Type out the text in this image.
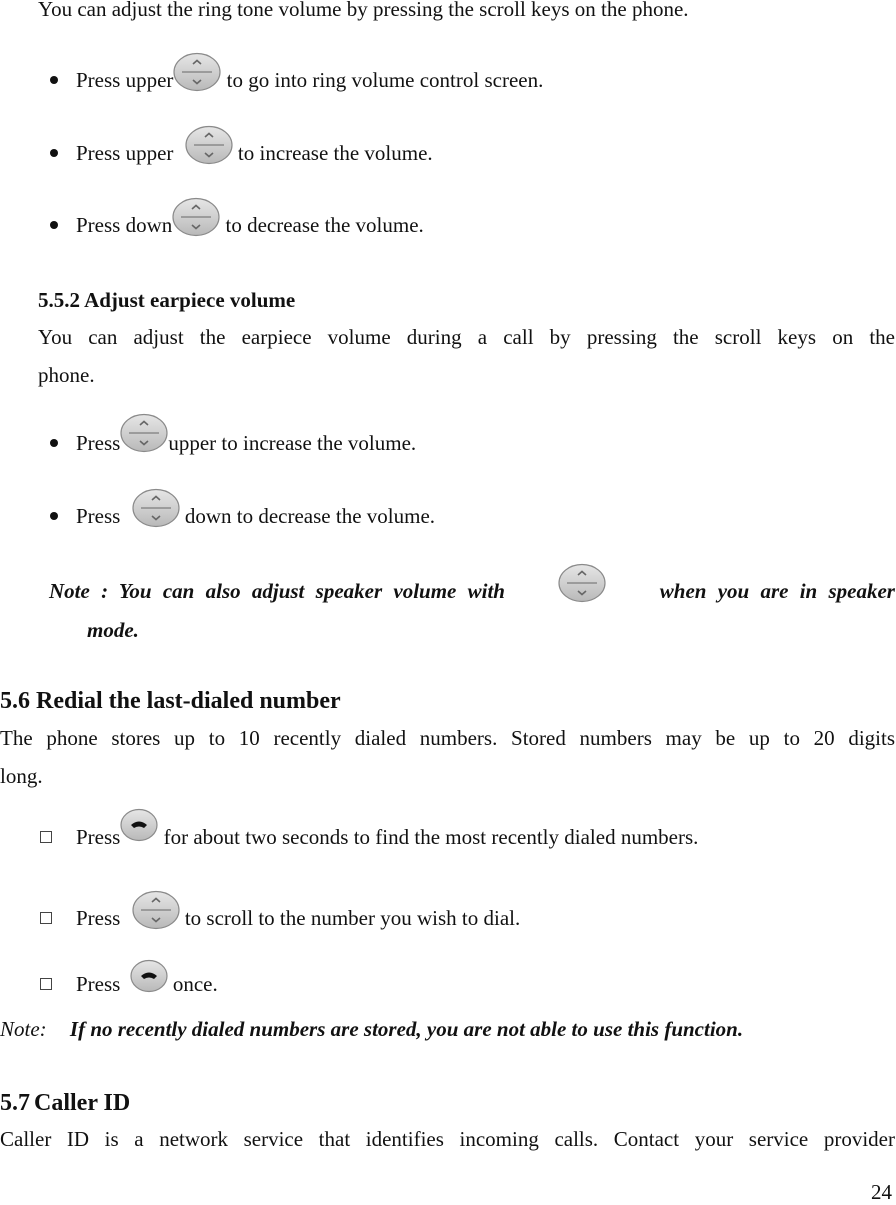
You can adjust the ring tone volume by pressing the scroll keys on the phone.
Press upper
to go into ring volume control screen.
Press upper	to increase the volume.
Press down
to decrease the volume.
5.5.2 Adjust earpiece volume
You can adjust the earpiece volume during a call by pressing the scroll keys on the
phone.
Press upper to increase the volume.
Press	down to decrease the volume.
Note : You can also adjust speaker volume with	when you are in speaker
mode.
5.6 Redial the last-dialed number
The phone stores up to 10 recently dialed numbers. Stored numbers may be up to 20 digits
long.
Press
for about two seconds to find the most recently dialed numbers.
Press	to scroll to the number you wish to dial.
Press
once.
Note: If no recently dialed numbers are stored, you are not able to use this function.
5.7 Caller ID
Caller ID is a network service that identifies incoming calls. Contact your service provider
24
